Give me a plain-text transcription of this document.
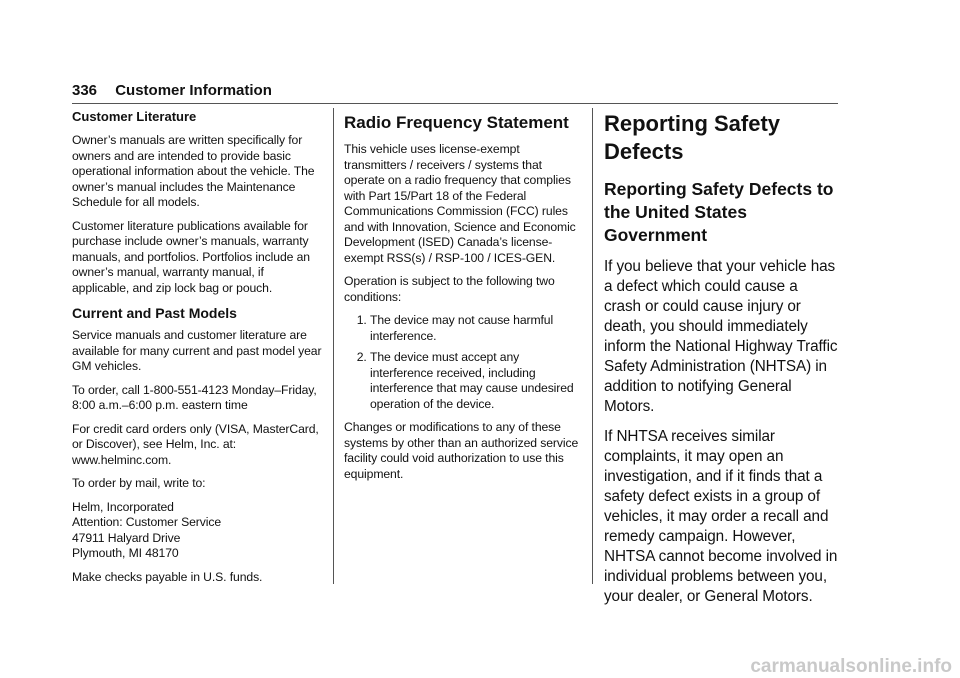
336 Customer Information
Customer Literature

Owner’s manuals are written specifically for owners and are intended to provide basic operational information about the vehicle. The owner’s manual includes the Maintenance Schedule for all models.

Customer literature publications available for purchase include owner’s manuals, warranty manuals, and portfolios. Portfolios include an owner’s manual, warranty manual, if applicable, and zip lock bag or pouch.

Current and Past Models

Service manuals and customer literature are available for many current and past model year GM vehicles.

To order, call 1-800-551-4123 Monday–Friday, 8:00 a.m.–6:00 p.m. eastern time

For credit card orders only (VISA, MasterCard, or Discover), see Helm, Inc. at: www.helminc.com.

To order by mail, write to:

Helm, Incorporated
Attention: Customer Service
47911 Halyard Drive
Plymouth, MI 48170

Make checks payable in U.S. funds.

Radio Frequency Statement

This vehicle uses license-exempt transmitters / receivers / systems that operate on a radio frequency that complies with Part 15/Part 18 of the Federal Communications Commission (FCC) rules and with Innovation, Science and Economic Development (ISED) Canada’s license-exempt RSS(s) / RSP-100 / ICES-GEN.

Operation is subject to the following two conditions:

1. The device may not cause harmful interference.
2. The device must accept any interference received, including interference that may cause undesired operation of the device.

Changes or modifications to any of these systems by other than an authorized service facility could void authorization to use this equipment.

Reporting Safety Defects
Reporting Safety Defects to the United States Government

If you believe that your vehicle has a defect which could cause a crash or could cause injury or death, you should immediately inform the National Highway Traffic Safety Administration (NHTSA) in addition to notifying General Motors.

If NHTSA receives similar complaints, it may open an investigation, and if it finds that a safety defect exists in a group of vehicles, it may order a recall and remedy campaign. However, NHTSA cannot become involved in individual problems between you, your dealer, or General Motors.

carmanualsonline.info
